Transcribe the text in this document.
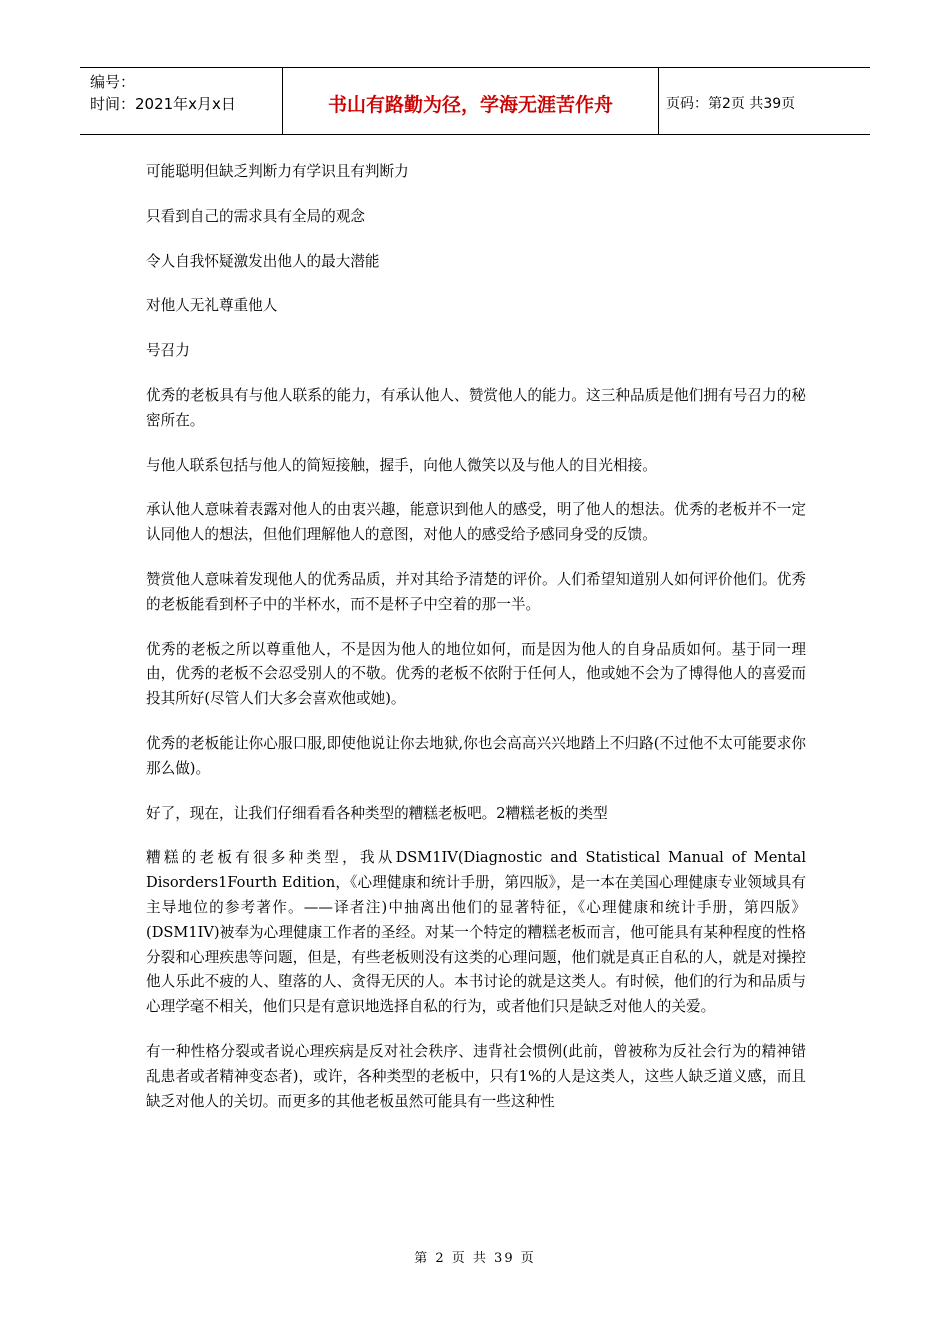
编号：
时间：2021年x月x日	书山有路勤为径，学海无涯苦作舟	页码：第2页 共39页

可能聪明但缺乏判断力有学识且有判断力

只看到自己的需求具有全局的观念

令人自我怀疑激发出他人的最大潜能

对他人无礼尊重他人

号召力

优秀的老板具有与他人联系的能力，有承认他人、赞赏他人的能力。这三种品质是他们拥有号召力的秘密所在。

与他人联系包括与他人的简短接触，握手，向他人微笑以及与他人的目光相接。

承认他人意味着表露对他人的由衷兴趣，能意识到他人的感受，明了他人的想法。优秀的老板并不一定认同他人的想法，但他们理解他人的意图，对他人的感受给予感同身受的反馈。

赞赏他人意味着发现他人的优秀品质，并对其给予清楚的评价。人们希望知道别人如何评价他们。优秀的老板能看到杯子中的半杯水，而不是杯子中空着的那一半。

优秀的老板之所以尊重他人，不是因为他人的地位如何，而是因为他人的自身品质如何。基于同一理由，优秀的老板不会忍受别人的不敬。优秀的老板不依附于任何人，他或她不会为了博得他人的喜爱而投其所好(尽管人们大多会喜欢他或她)。

优秀的老板能让你心服口服,即使他说让你去地狱,你也会高高兴兴地踏上不归路(不过他不太可能要求你那么做)。

好了，现在，让我们仔细看看各种类型的糟糕老板吧。2糟糕老板的类型

糟糕的老板有很多种类型，我从DSM1IV(Diagnostic and Statistical Manual of Mental Disorders1Fourth Edition，《心理健康和统计手册，第四版》，是一本在美国心理健康专业领域具有主导地位的参考著作。——译者注)中抽离出他们的显著特征，《心理健康和统计手册，第四版》(DSM1IV)被奉为心理健康工作者的圣经。对某一个特定的糟糕老板而言，他可能具有某种程度的性格分裂和心理疾患等问题，但是，有些老板则没有这类的心理问题，他们就是真正自私的人，就是对操控他人乐此不疲的人、堕落的人、贪得无厌的人。本书讨论的就是这类人。有时候，他们的行为和品质与心理学毫不相关，他们只是有意识地选择自私的行为，或者他们只是缺乏对他人的关爱。

有一种性格分裂或者说心理疾病是反对社会秩序、违背社会惯例(此前，曾被称为反社会行为的精神错乱患者或者精神变态者)，或许，各种类型的老板中，只有1%的人是这类人，这些人缺乏道义感，而且缺乏对他人的关切。而更多的其他老板虽然可能具有一些这种性

第 2 页 共 39 页
